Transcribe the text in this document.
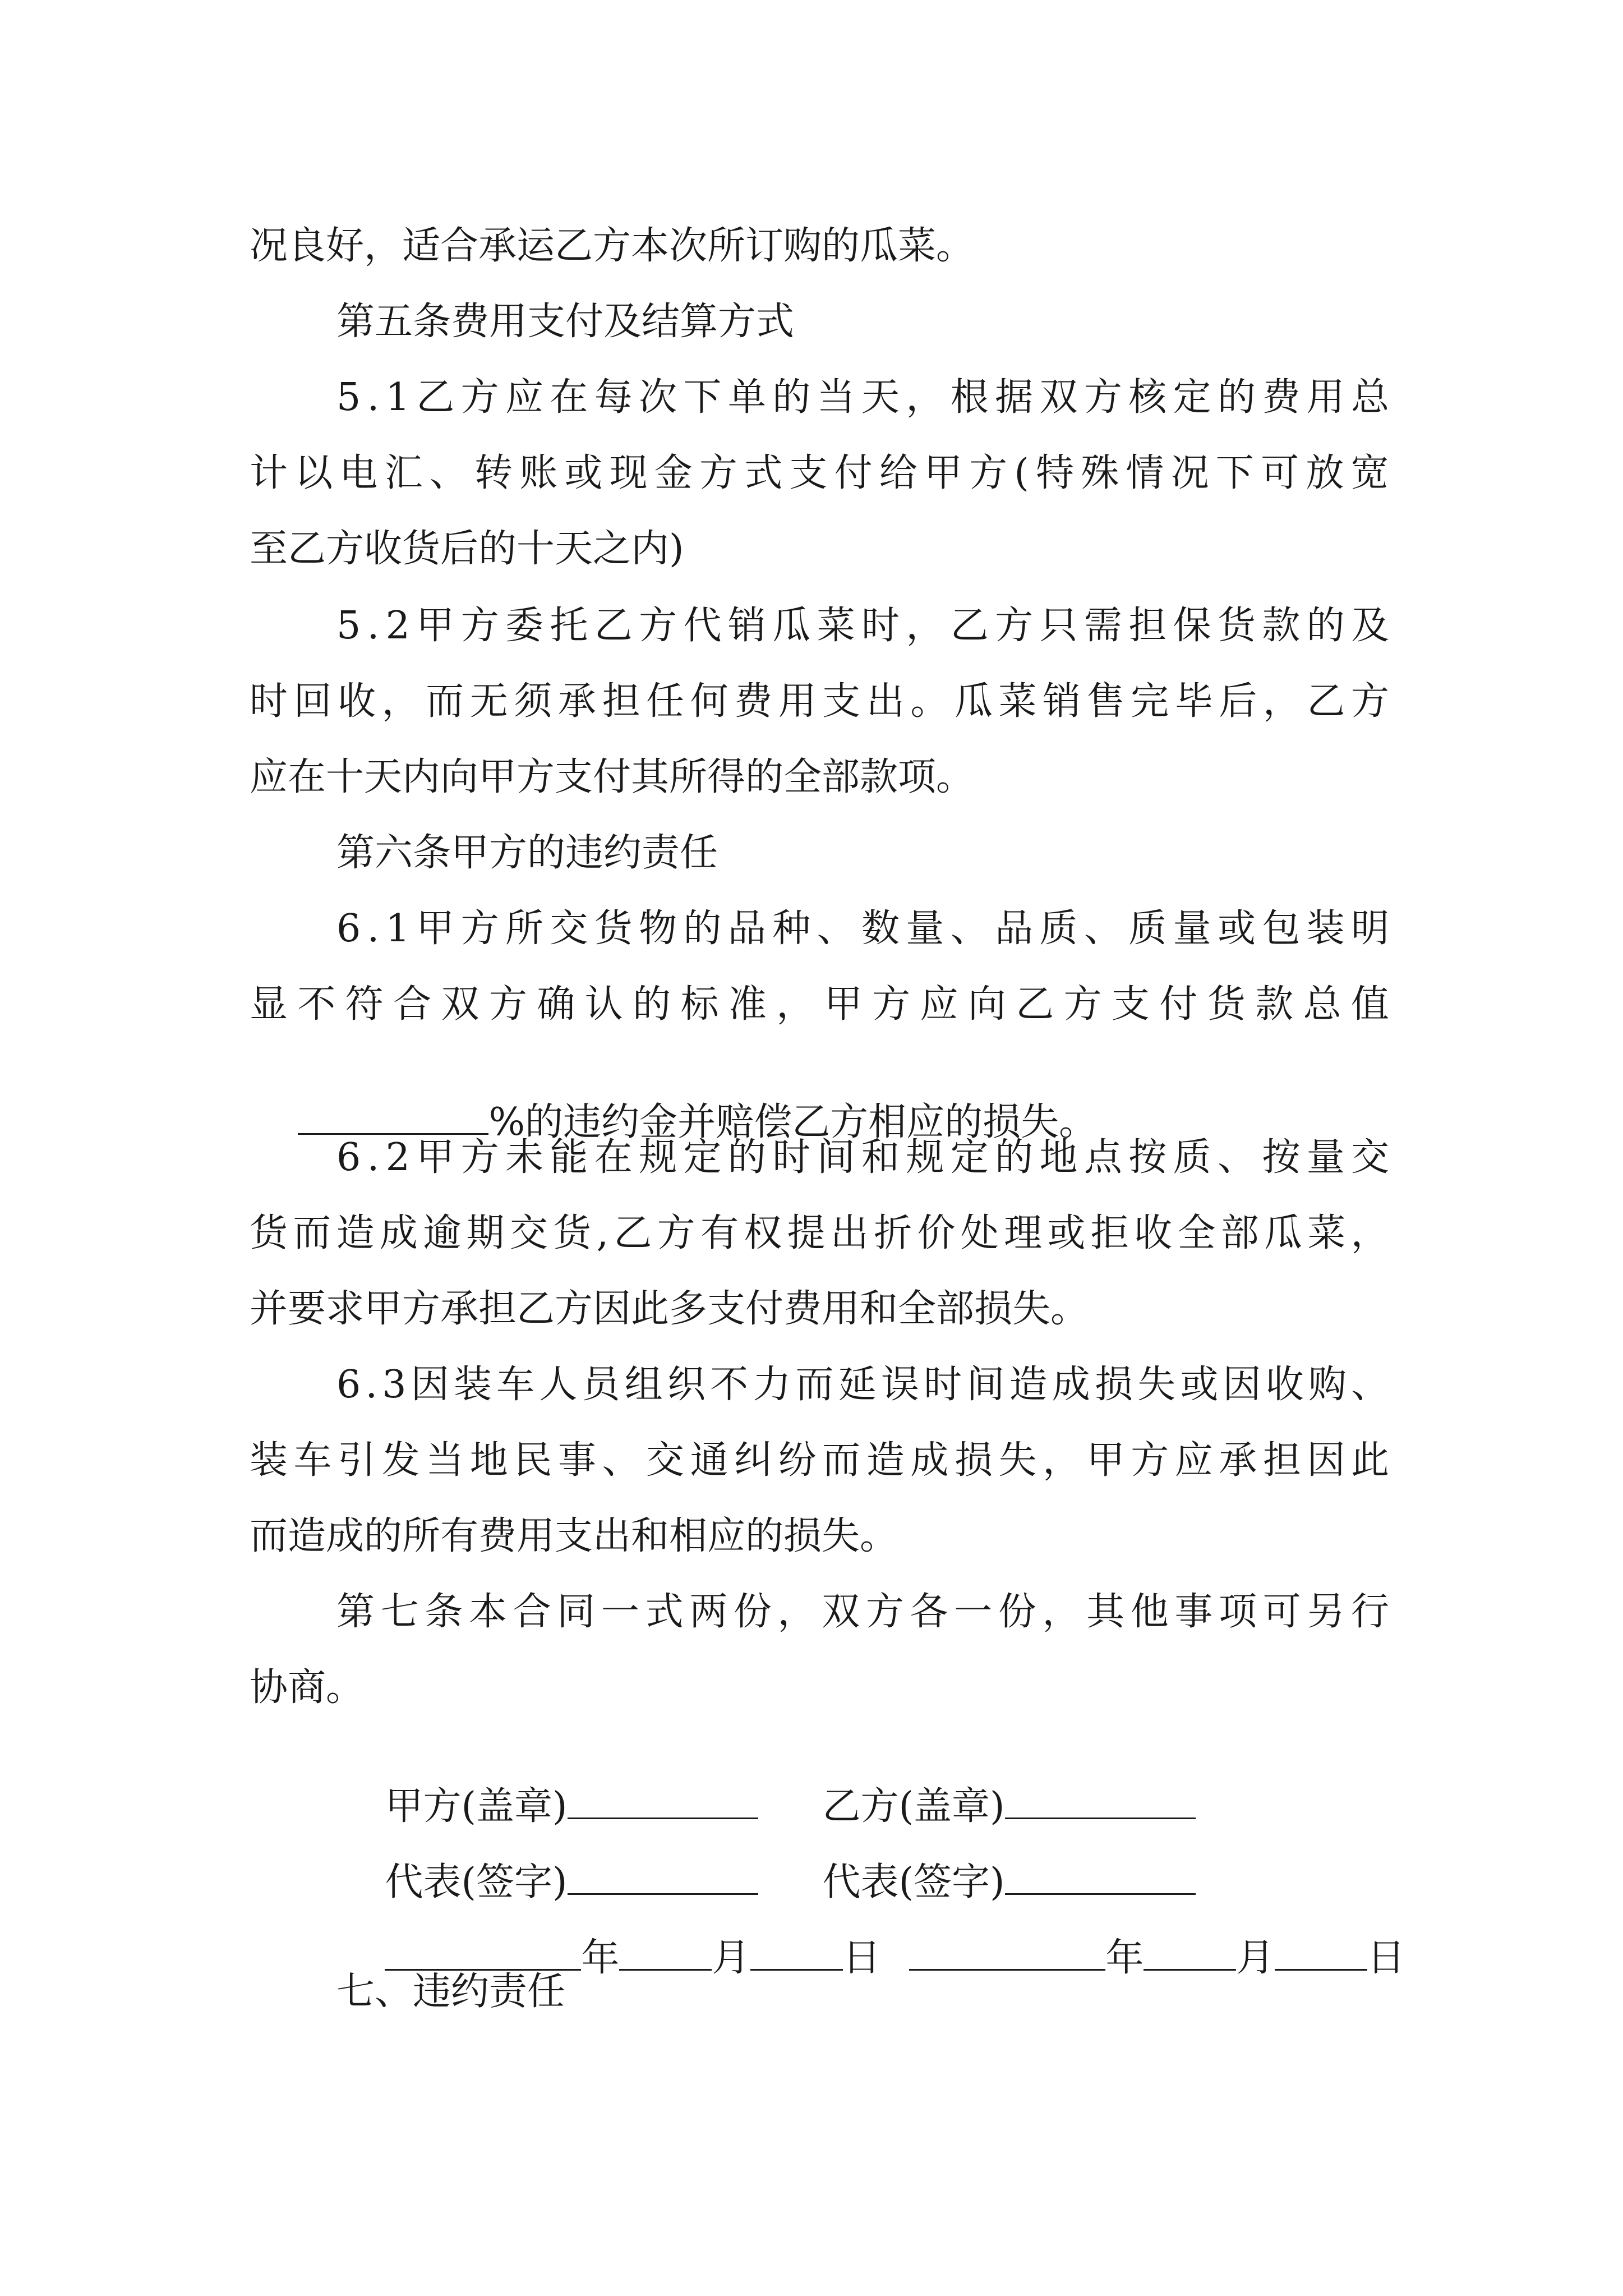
况良好，适合承运乙方本次所订购的瓜菜。
第五条费用支付及结算方式
5.1乙方应在每次下单的当天，根据双方核定的费用总
计以电汇、转账或现金方式支付给甲方(特殊情况下可放宽
至乙方收货后的十天之内)
5.2甲方委托乙方代销瓜菜时，乙方只需担保货款的及
时回收，而无须承担任何费用支出。瓜菜销售完毕后，乙方
应在十天内向甲方支付其所得的全部款项。
第六条甲方的违约责任
6.1甲方所交货物的品种、数量、品质、质量或包装明
显不符合双方确认的标准，甲方应向乙方支付货款总值

%的违约金并赔偿乙方相应的损失。

6.2甲方未能在规定的时间和规定的地点按质、按量交
货而造成逾期交货,乙方有权提出折价处理或拒收全部瓜菜，
并要求甲方承担乙方因此多支付费用和全部损失。
6.3因装车人员组织不力而延误时间造成损失或因收购、
装车引发当地民事、交通纠纷而造成损失，甲方应承担因此
而造成的所有费用支出和相应的损失。
第七条本合同一式两份，双方各一份，其他事项可另行
协商。

甲方(盖章)
	乙方(盖章)

代表(签字)
	代表(签字)

年 月 日
	年 月 日

七、违约责任
